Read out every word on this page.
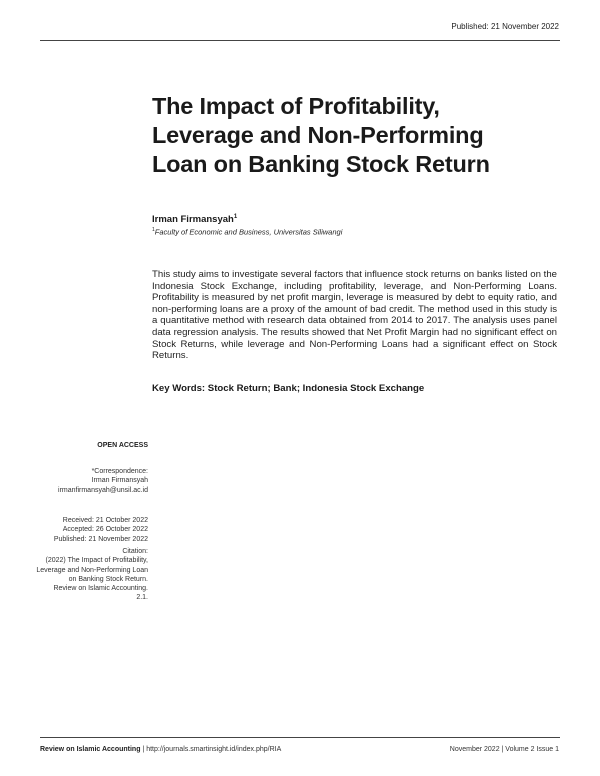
Published: 21 November 2022
The Impact of Profitability,
Leverage and Non-Performing
Loan on Banking Stock Return
Irman Firmansyah$^1$
$^1$Faculty of Economic and Business, Universitas Siliwangi
This study aims to investigate several factors that influence stock returns on banks listed on the Indonesia Stock Exchange, including profitability, leverage, and Non-Performing Loans. Profitability is measured by net profit margin, leverage is measured by debt to equity ratio, and non-performing loans are a proxy of the amount of bad credit. The method used in this study is a quantitative method with research data obtained from 2014 to 2017. The analysis uses panel data regression analysis. The results showed that Net Profit Margin had no significant effect on Stock Returns, while leverage and Non-Performing Loans had a significant effect on Stock Returns.
Key Words: Stock Return; Bank; Indonesia Stock Exchange
OPEN ACCESS
*Correspondence:
Irman Firmansyah
irmanfirmansyah@unsil.ac.id
Received: 21 October 2022
Accepted: 26 October 2022
Published: 21 November 2022
Citation:
(2022) The Impact of Profitability,
Leverage and Non-Performing Loan
on Banking Stock Return.
Review on Islamic Accounting.
2.1.
Review on Islamic Accounting | http://journals.smartinsight.id/index.php/RIA	November 2022 | Volume 2 Issue 1
